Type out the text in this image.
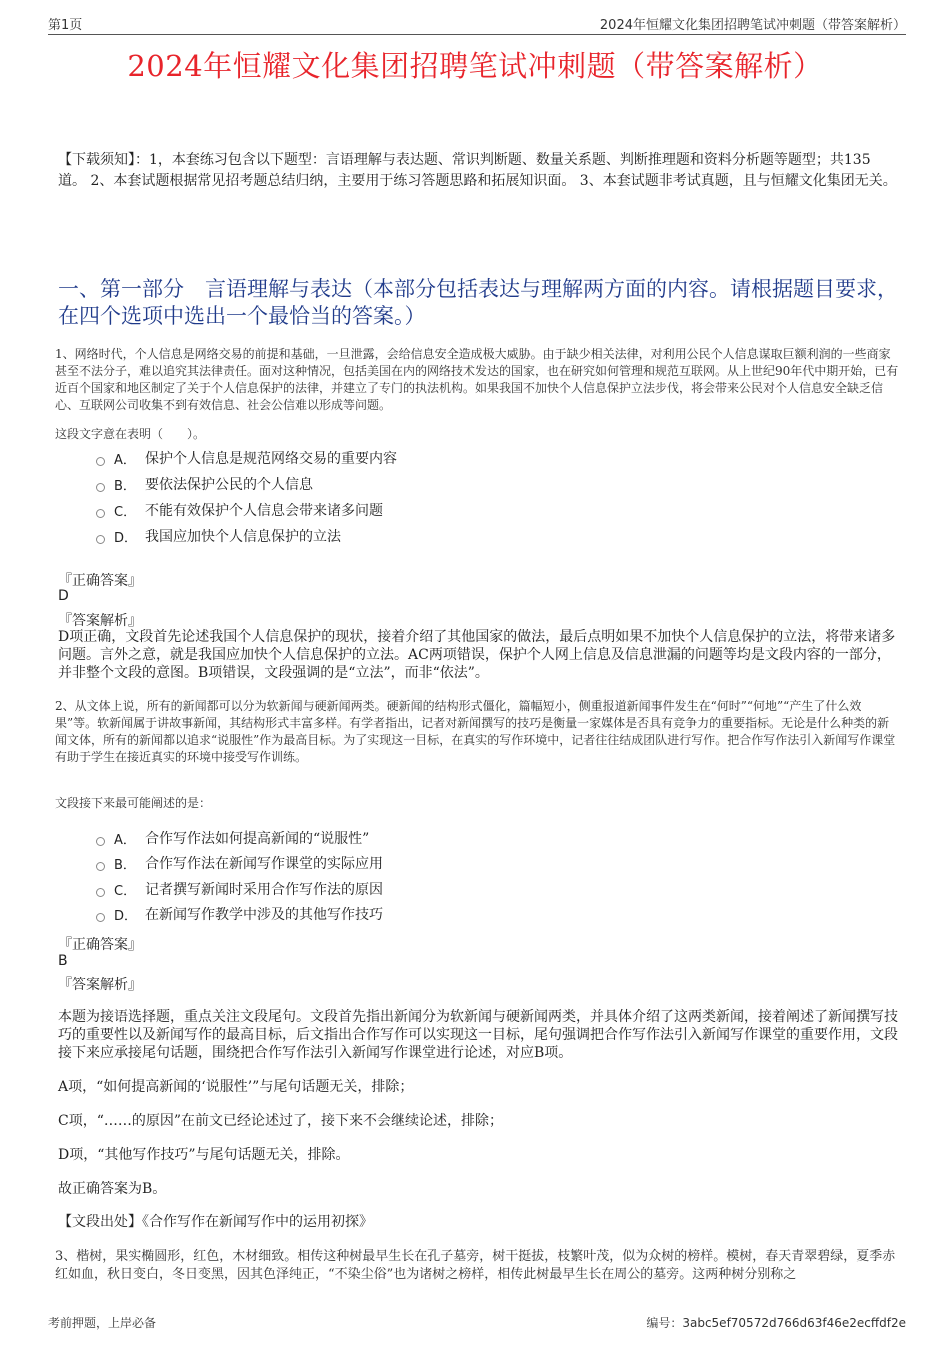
第1页	2024年恒耀文化集团招聘笔试冲刺题（带答案解析）
2024年恒耀文化集团招聘笔试冲刺题（带答案解析）
【下载须知】：1，本套练习包含以下题型：言语理解与表达题、常识判断题、数量关系题、判断推理题和资料分析题等题型；共135道。 2、本套试题根据常见招考题总结归纳，主要用于练习答题思路和拓展知识面。 3、本套试题非考试真题，且与恒耀文化集团无关。
一、第一部分　言语理解与表达（本部分包括表达与理解两方面的内容。请根据题目要求，在四个选项中选出一个最恰当的答案。）
1、网络时代，个人信息是网络交易的前提和基础，一旦泄露，会给信息安全造成极大威胁。由于缺少相关法律，对利用公民个人信息谋取巨额利润的一些商家甚至不法分子，难以追究其法律责任。面对这种情况，包括美国在内的网络技术发达的国家，也在研究如何管理和规范互联网。从上世纪90年代中期开始，已有近百个国家和地区制定了关于个人信息保护的法律，并建立了专门的执法机构。如果我国不加快个人信息保护立法步伐，将会带来公民对个人信息安全缺乏信心、互联网公司收集不到有效信息、社会公信难以形成等问题。
这段文字意在表明（　　）。
A． 保护个人信息是规范网络交易的重要内容
B． 要依法保护公民的个人信息
C． 不能有效保护个人信息会带来诸多问题
D． 我国应加快个人信息保护的立法
『正确答案』
D
『答案解析』
D项正确，文段首先论述我国个人信息保护的现状，接着介绍了其他国家的做法，最后点明如果不加快个人信息保护的立法，将带来诸多问题。言外之意，就是我国应加快个人信息保护的立法。AC两项错误，保护个人网上信息及信息泄漏的问题等均是文段内容的一部分，并非整个文段的意图。B项错误，文段强调的是“立法”，而非“依法”。
2、从文体上说，所有的新闻都可以分为软新闻与硬新闻两类。硬新闻的结构形式僵化，篇幅短小，侧重报道新闻事件发生在“何时”“何地”“产生了什么效果”等。软新闻属于讲故事新闻，其结构形式丰富多样。有学者指出，记者对新闻撰写的技巧是衡量一家媒体是否具有竞争力的重要指标。无论是什么种类的新闻文体，所有的新闻都以追求“说服性”作为最高目标。为了实现这一目标，在真实的写作环境中，记者往往结成团队进行写作。把合作写作法引入新闻写作课堂有助于学生在接近真实的环境中接受写作训练。
文段接下来最可能阐述的是：
A． 合作写作法如何提高新闻的“说服性”
B． 合作写作法在新闻写作课堂的实际应用
C． 记者撰写新闻时采用合作写作法的原因
D． 在新闻写作教学中涉及的其他写作技巧
『正确答案』
B
『答案解析』
本题为接语选择题，重点关注文段尾句。文段首先指出新闻分为软新闻与硬新闻两类，并具体介绍了这两类新闻，接着阐述了新闻撰写技巧的重要性以及新闻写作的最高目标，后文指出合作写作可以实现这一目标，尾句强调把合作写作法引入新闻写作课堂的重要作用，文段接下来应承接尾句话题，围绕把合作写作法引入新闻写作课堂进行论述，对应B项。
A项，“如何提高新闻的‘说服性’”与尾句话题无关，排除；
C项，“……的原因”在前文已经论述过了，接下来不会继续论述，排除；
D项，“其他写作技巧”与尾句话题无关，排除。
故正确答案为B。
【文段出处】《合作写作在新闻写作中的运用初探》
3、楷树，果实椭圆形，红色，木材细致。相传这种树最早生长在孔子墓旁，树干挺拔，枝繁叶茂，似为众树的榜样。模树，春天青翠碧绿，夏季赤红如血，秋日变白，冬日变黑，因其色泽纯正，“不染尘俗”也为诸树之榜样，相传此树最早生长在周公的墓旁。这两种树分别称之
考前押题，上岸必备	编号：3abc5ef70572d766d63f46e2ecffdf2e
